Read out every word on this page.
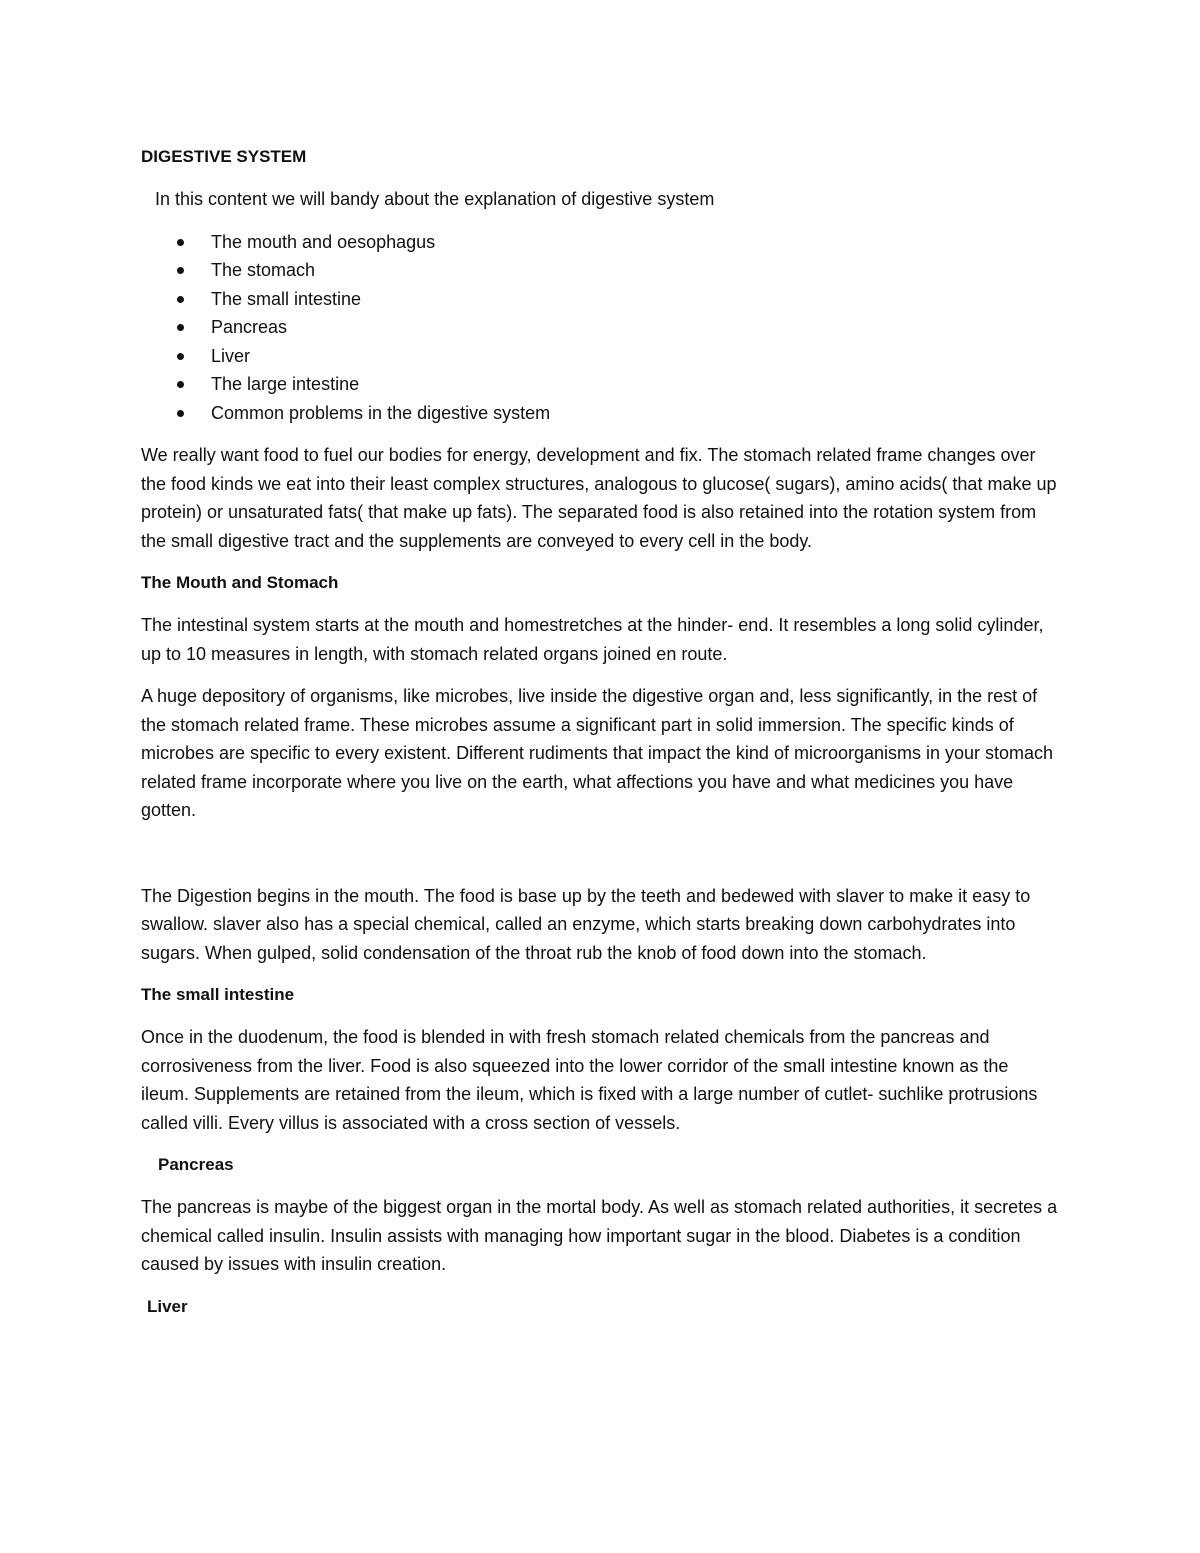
DIGESTIVE SYSTEM

In this content we will bandy about the explanation of digestive system

The mouth and oesophagus
The stomach
The small intestine
Pancreas
Liver
The large intestine
Common problems in the digestive system

We really want food to fuel our bodies for energy, development and fix. The stomach related frame changes over the food kinds we eat into their least complex structures, analogous to glucose( sugars), amino acids( that make up protein) or unsaturated fats( that make up fats). The separated food is also retained into the rotation system from the small digestive tract and the supplements are conveyed to every cell in the body.

The Mouth and Stomach

The intestinal system starts at the mouth and homestretches at the hinder- end. It resembles a long solid cylinder, up to 10 measures in length, with stomach related organs joined en route.

A huge depository of organisms, like microbes, live inside the digestive organ and, less significantly, in the rest of the stomach related frame. These microbes assume a significant part in solid immersion. The specific kinds of microbes are specific to every existent. Different rudiments that impact the kind of microorganisms in your stomach related frame incorporate where you live on the earth, what affections you have and what medicines you have gotten.

The Digestion begins in the mouth. The food is base up by the teeth and bedewed with slaver to make it easy to swallow. slaver also has a special chemical, called an enzyme, which starts breaking down carbohydrates into sugars. When gulped, solid condensation of the throat rub the knob of food down into the stomach.

The small intestine

Once in the duodenum, the food is blended in with fresh stomach related chemicals from the pancreas and corrosiveness from the liver. Food is also squeezed into the lower corridor of the small intestine known as the ileum. Supplements are retained from the ileum, which is fixed with a large number of cutlet- suchlike protrusions called villi. Every villus is associated with a cross section of vessels.

Pancreas

The pancreas is maybe of the biggest organ in the mortal body. As well as stomach related authorities, it secretes a chemical called insulin. Insulin assists with managing how important sugar in the blood. Diabetes is a condition caused by issues with insulin creation.

Liver
